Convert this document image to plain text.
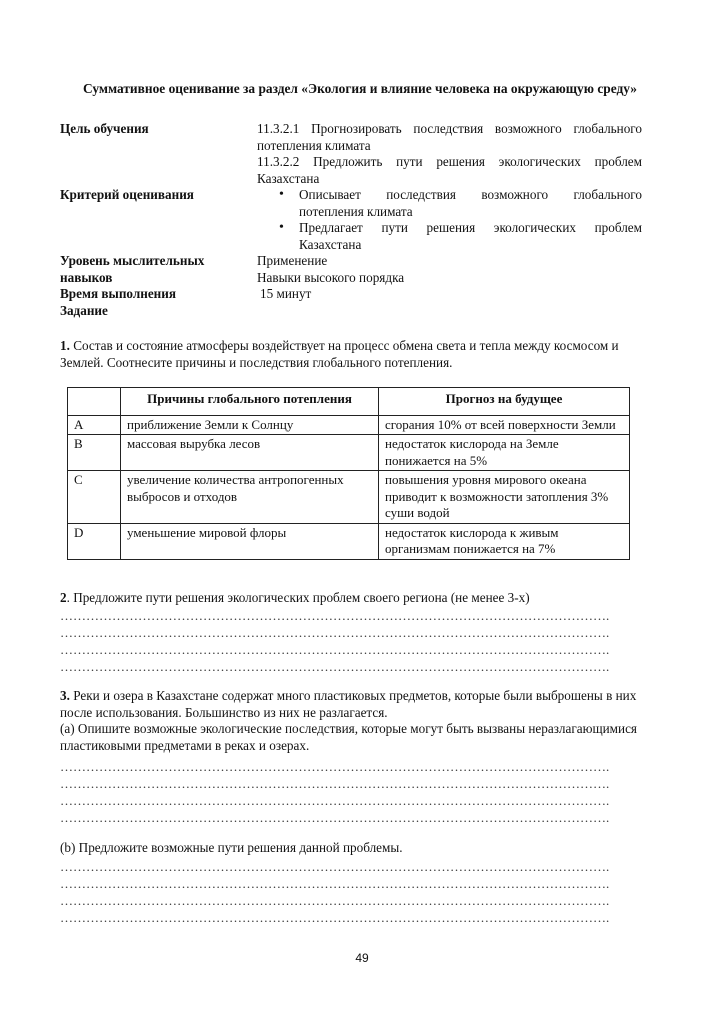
Суммативное оценивание за раздел «Экология и влияние человека на окружающую среду»
Цель обучения	11.3.2.1 Прогнозировать последствия возможного глобального потепления климата

11.3.2.2 Предложить пути решения экологических проблем Казахстана

Критерий оценивания	• Описывает последствия возможного глобального потепления климата
• Предлагает пути решения экологических проблем Казахстана
Уровень мыслительных	Применение
навыков	Навыки высокого порядка
Время выполнения	15 минут
Задание

1. Состав и состояние атмосферы воздействует на процесс обмена света и тепла между космосом и Землей. Соотнесите причины и последствия глобального потепления.

	Причины глобального потепления	Прогноз на будущее
A	приближение Земли к Солнцу	сгорания 10% от всей поверхности Земли
B	массовая вырубка лесов	недостаток кислорода на Земле понижается на 5%
C	увеличение количества антропогенных выбросов и отходов	повышения уровня мирового океана приводит к возможности затопления 3% суши водой
D	уменьшение мировой флоры	недостаток кислорода к живым организмам понижается на 7%

2. Предложите пути решения экологических проблем своего региона (не менее 3-х)

……………………………………………………………………………………………………………….
……………………………………………………………………………………………………………….
……………………………………………………………………………………………………………….
……………………………………………………………………………………………………………….

3. Реки и озера в Казахстане содержат много пластиковых предметов, которые были выброшены в них после использования. Большинство из них не разлагается.

(a) Опишите возможные экологические последствия, которые могут быть вызваны неразлагающимися пластиковыми предметами в реках и озерах.

……………………………………………………………………………………………………………….
……………………………………………………………………………………………………………….
……………………………………………………………………………………………………………….
……………………………………………………………………………………………………………….

(b) Предложите возможные пути решения данной проблемы.

……………………………………………………………………………………………………………….
……………………………………………………………………………………………………………….
……………………………………………………………………………………………………………….
……………………………………………………………………………………………………………….
49
